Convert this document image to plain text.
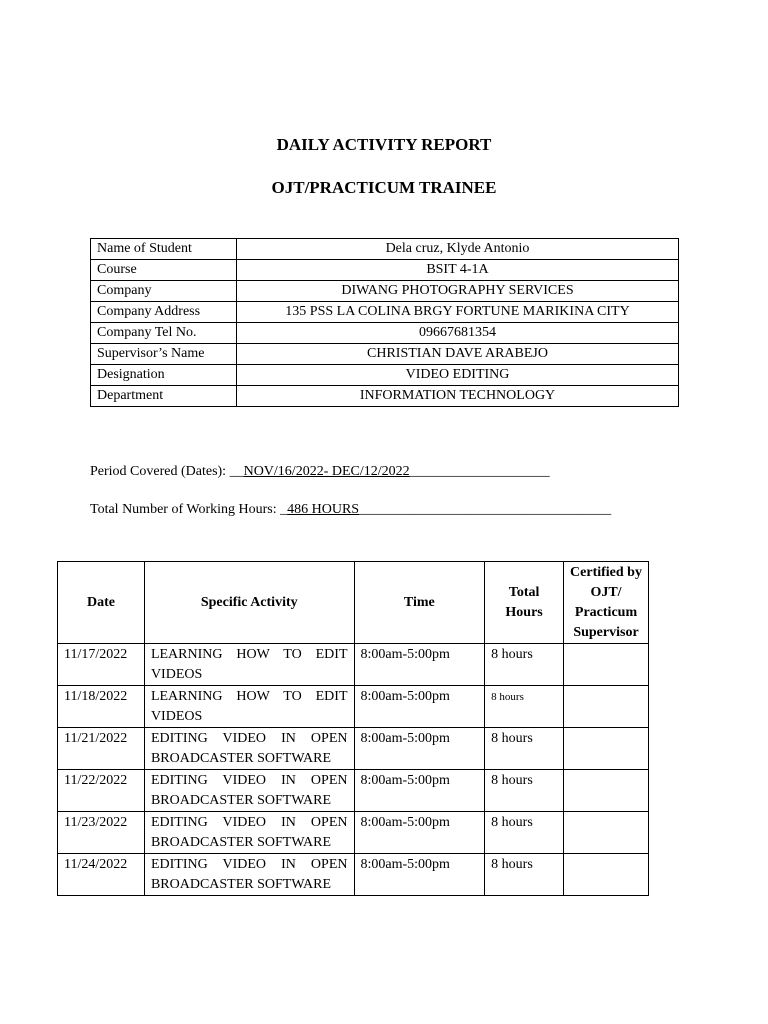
DAILY ACTIVITY REPORT
OJT/PRACTICUM TRAINEE
Name of Student	Dela cruz, Klyde Antonio
Course	BSIT 4-1A
Company	DIWANG PHOTOGRAPHY SERVICES
Company Address	135 PSS LA COLINA BRGY FORTUNE MARIKINA CITY
Company Tel No.	09667681354
Supervisor’s Name	CHRISTIAN DAVE ARABEJO
Designation	VIDEO EDITING
Department	INFORMATION TECHNOLOGY
Period Covered (Dates): __NOV/16/2022- DEC/12/2022____________________
Total Number of Working Hours: _486 HOURS____________________________________
Date	Specific Activity	Time	Total Hours	Certified by OJT/ Practicum Supervisor
11/17/2022	LEARNING HOW TO EDIT VIDEOS	8:00am-5:00pm	8 hours	
11/18/2022	LEARNING HOW TO EDIT VIDEOS	8:00am-5:00pm	8 hours	
11/21/2022	EDITING VIDEO IN OPEN BROADCASTER SOFTWARE	8:00am-5:00pm	8 hours	
11/22/2022	EDITING VIDEO IN OPEN BROADCASTER SOFTWARE	8:00am-5:00pm	8 hours	
11/23/2022	EDITING VIDEO IN OPEN BROADCASTER SOFTWARE	8:00am-5:00pm	8 hours	
11/24/2022	EDITING VIDEO IN OPEN BROADCASTER SOFTWARE	8:00am-5:00pm	8 hours	
